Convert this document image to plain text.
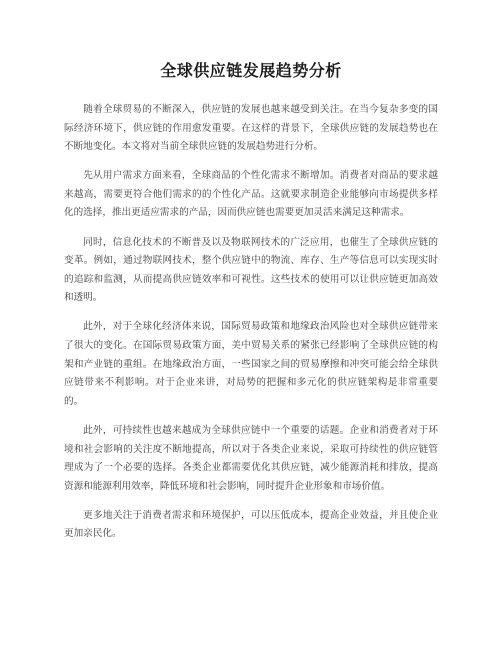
全球供应链发展趋势分析

随着全球贸易的不断深入，供应链的发展也越来越受到关注。在当今复杂多变的国际经济环境下，供应链的作用愈发重要。在这样的背景下，全球供应链的发展趋势也在不断地变化。本文将对当前全球供应链的发展趋势进行分析。

先从用户需求方面来看，全球商品的个性化需求不断增加。消费者对商品的要求越来越高，需要更符合他们需求的的个性化产品。这就要求制造企业能够向市场提供多样化的选择，推出更适应需求的产品，因而供应链也需要更加灵活来满足这种需求。

同时，信息化技术的不断普及以及物联网技术的广泛应用，也催生了全球供应链的变革。例如，通过物联网技术，整个供应链中的物流、库存、生产等信息可以实现实时的追踪和监测，从而提高供应链效率和可视性。这些技术的使用可以让供应链更加高效和透明。

此外，对于全球化经济体来说，国际贸易政策和地缘政治风险也对全球供应链带来了很大的变化。在国际贸易政策方面，美中贸易关系的紧张已经影响了全球供应链的构架和产业链的重组。在地缘政治方面，一些国家之间的贸易摩擦和冲突可能会给全球供应链带来不利影响。对于企业来讲，对局势的把握和多元化的供应链架构是非常重要的。

此外，可持续性也越来越成为全球供应链中一个重要的话题。企业和消费者对于环境和社会影响的关注度不断地提高，所以对于各类企业来说，采取可持续性的供应链管理成为了一个必要的选择。各类企业都需要优化其供应链，减少能源消耗和排放，提高资源和能源利用效率，降低环境和社会影响，同时提升企业形象和市场价值。

更多地关注于消费者需求和环境保护，可以压低成本，提高企业效益，并且使企业更加亲民化。
